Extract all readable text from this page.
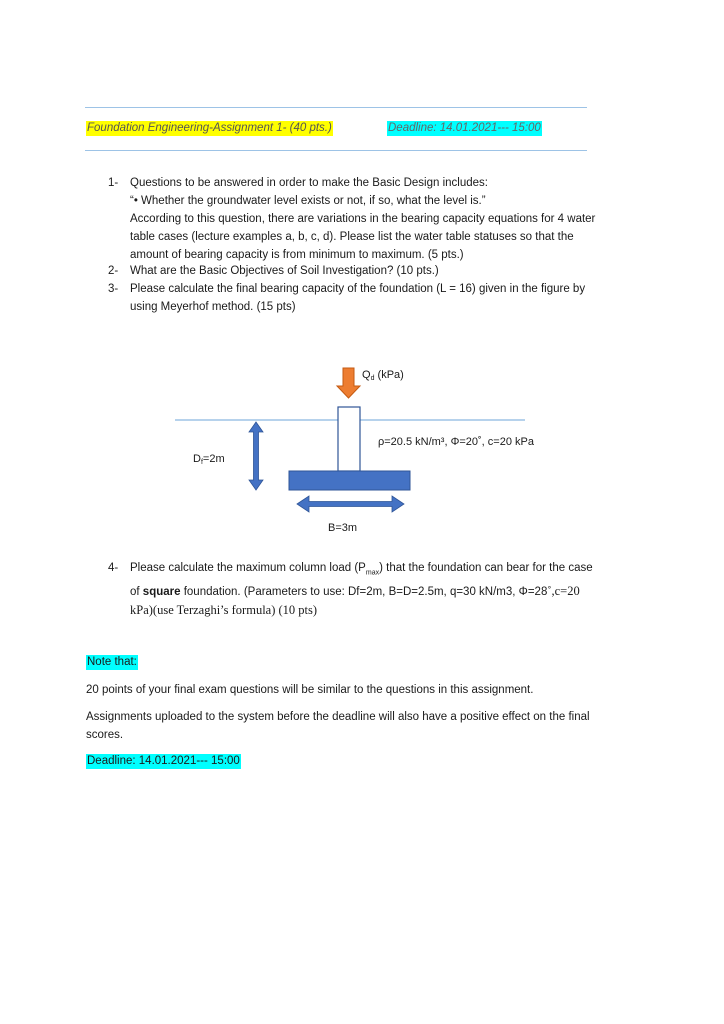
Foundation Engineering-Assignment 1- (40 pts.)	Deadline: 14.01.2021--- 15:00
1- Questions to be answered in order to make the Basic Design includes:
“• Whether the groundwater level exists or not, if so, what the level is.”
According to this question, there are variations in the bearing capacity equations for 4 water
table cases (lecture examples a, b, c, d). Please list the water table statuses so that the
amount of bearing capacity is from minimum to maximum. (5 pts.)
2- What are the Basic Objectives of Soil Investigation? (10 pts.)
3- Please calculate the final bearing capacity of the foundation (L = 16) given in the figure by
using Meyerhof method. (15 pts)
Qd (kPa)
Df=2m
B=3m
ρ=20.5 kN/m³, Φ=20˚, c=20 kPa
4- Please calculate the maximum column load $(P_{max})$ that the foundation can bear for the case
of square foundation. (Parameters to use: Df=2m, B=D=2.5m, q=30 kN/m3, Φ=28˚,c=20
kPa)(use Terzaghi’s formula) (10 pts)
Note that:
20 points of your final exam questions will be similar to the questions in this assignment.
Assignments uploaded to the system before the deadline will also have a positive effect on the final
scores.
Deadline: 14.01.2021--- 15:00
